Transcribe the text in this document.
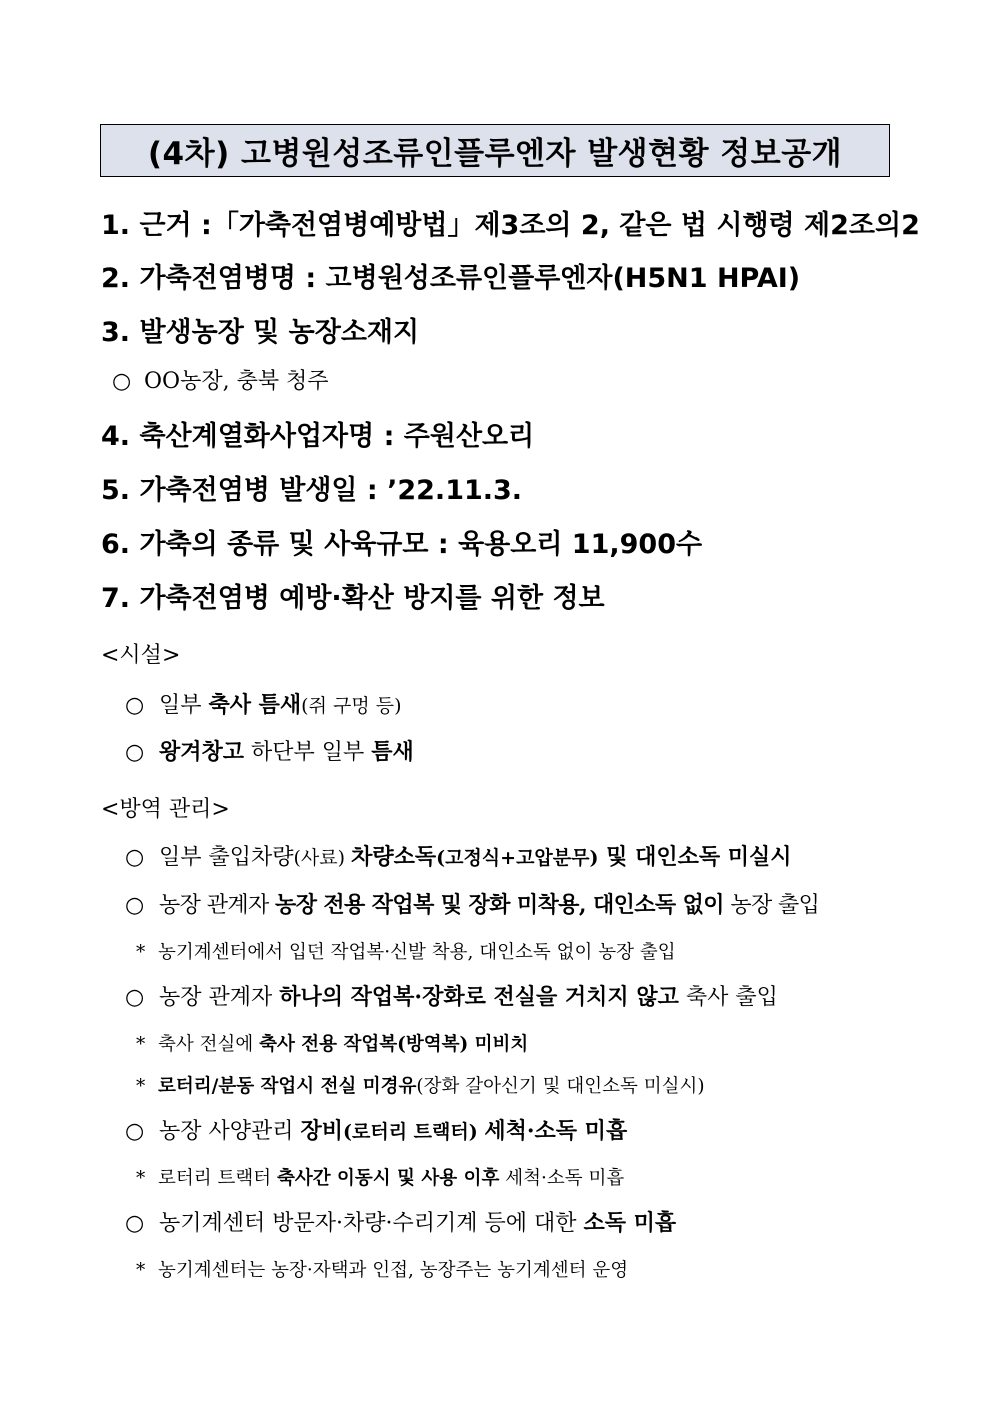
(4차) 고병원성조류인플루엔자 발생현황 정보공개
1. 근거 :「가축전염병예방법」제3조의 2, 같은 법 시행령 제2조의2
2. 가축전염병명 : 고병원성조류인플루엔자(H5N1 HPAI)
3. 발생농장 및 농장소재지
○ OO농장, 충북 청주
4. 축산계열화사업자명 : 주원산오리
5. 가축전염병 발생일 : ’22.11.3.
6. 가축의 종류 및 사육규모 : 육용오리 11,900수
7. 가축전염병 예방·확산 방지를 위한 정보
<시설>
○ 일부 축사 틈새(쥐 구멍 등)
○ 왕겨창고 하단부 일부 틈새
<방역 관리>
○ 일부 출입차량(사료) 차량소독(고정식+고압분무) 및 대인소독 미실시
○ 농장 관계자 농장 전용 작업복 및 장화 미착용, 대인소독 없이 농장 출입
* 농기계센터에서 입던 작업복·신발 착용, 대인소독 없이 농장 출입
○ 농장 관계자 하나의 작업복·장화로 전실을 거치지 않고 축사 출입
* 축사 전실에 축사 전용 작업복(방역복) 미비치
* 로터리/분동 작업시 전실 미경유(장화 갈아신기 및 대인소독 미실시)
○ 농장 사양관리 장비(로터리 트랙터) 세척·소독 미흡
* 로터리 트랙터 축사간 이동시 및 사용 이후 세척·소독 미흡
○ 농기계센터 방문자·차량·수리기계 등에 대한 소독 미흡
* 농기계센터는 농장·자택과 인접, 농장주는 농기계센터 운영
